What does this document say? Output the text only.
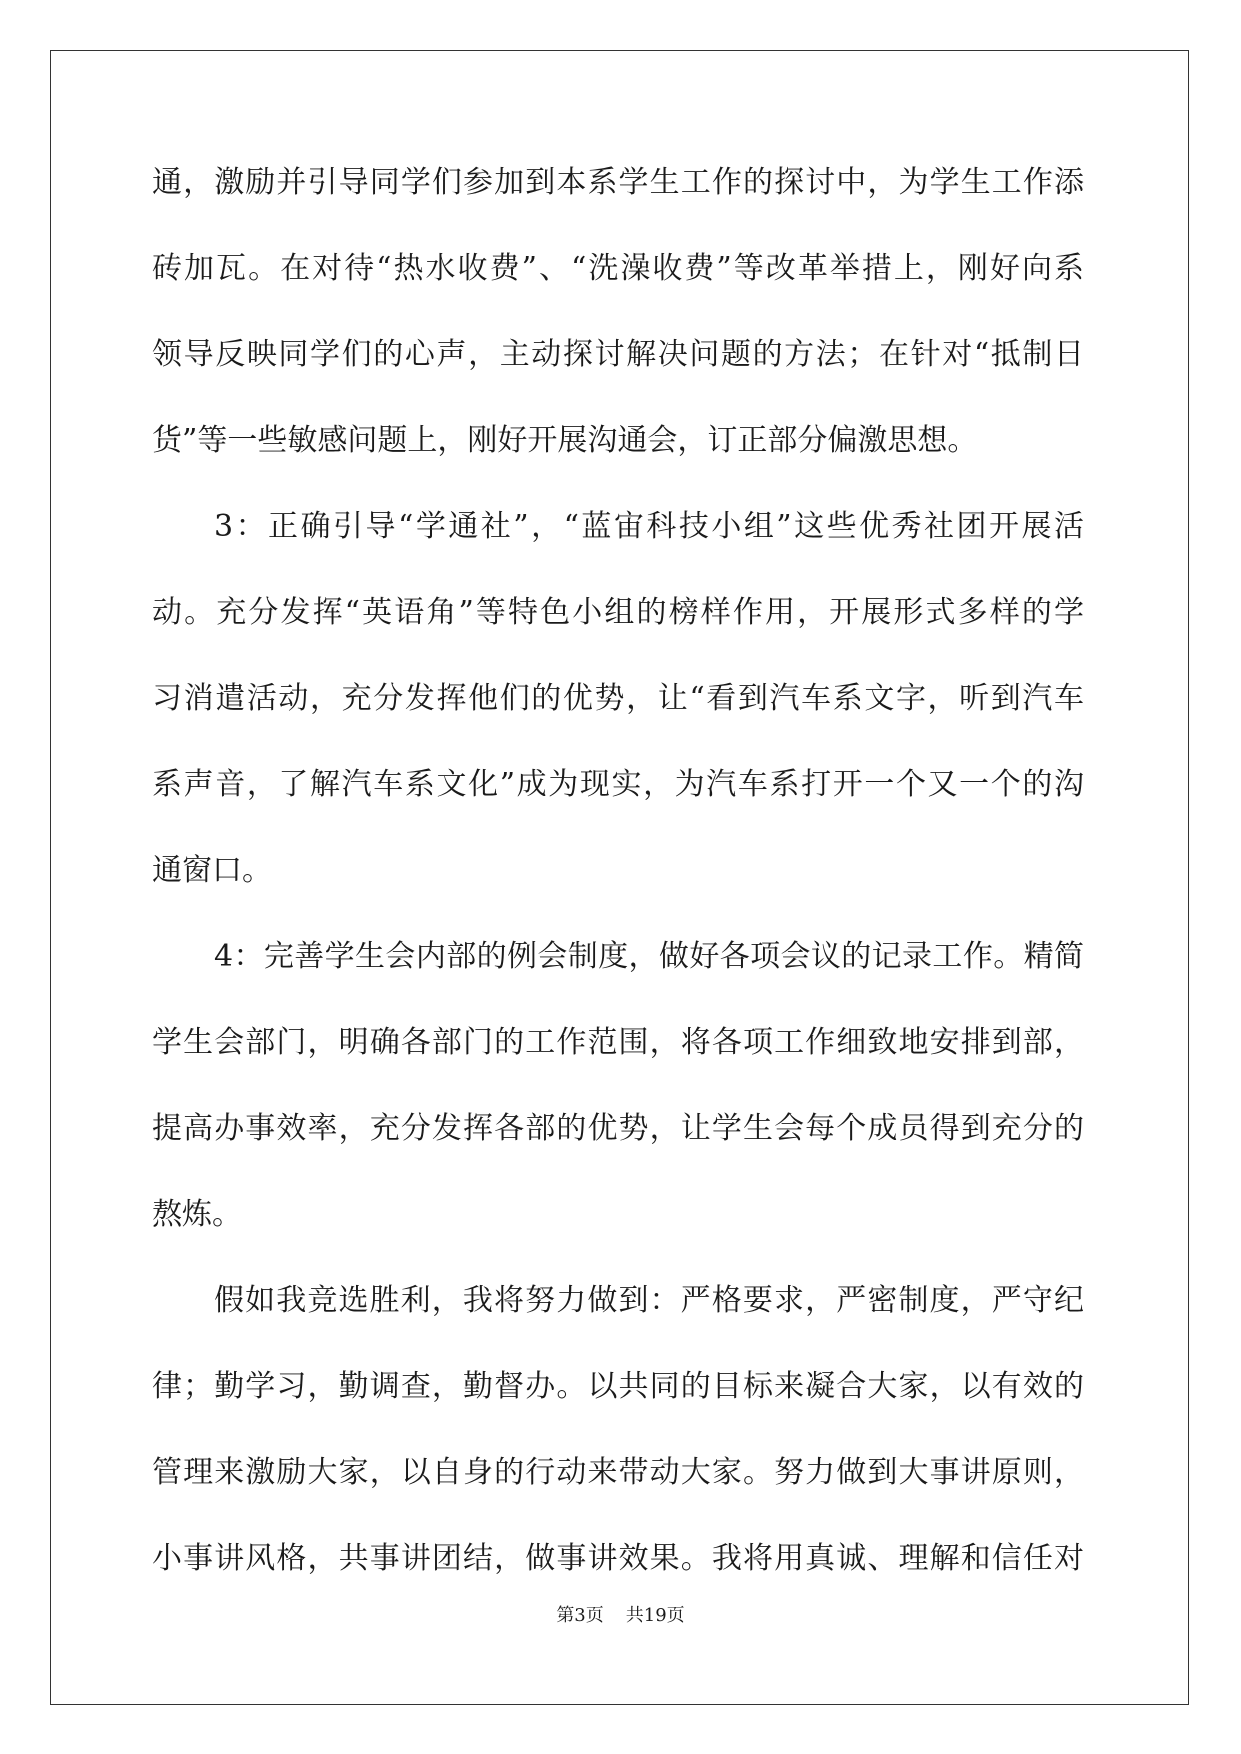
通，激励并引导同学们参加到本系学生工作的探讨中，为学生工作添
砖加瓦。在对待“热水收费”、“洗澡收费”等改革举措上，刚好向系
领导反映同学们的心声，主动探讨解决问题的方法；在针对“抵制日
货”等一些敏感问题上，刚好开展沟通会，订正部分偏激思想。
3：正确引导“学通社”，“蓝宙科技小组”这些优秀社团开展活
动。充分发挥“英语角”等特色小组的榜样作用，开展形式多样的学
习消遣活动，充分发挥他们的优势，让“看到汽车系文字，听到汽车
系声音，了解汽车系文化”成为现实，为汽车系打开一个又一个的沟
通窗口。
4：完善学生会内部的例会制度，做好各项会议的记录工作。精简
学生会部门，明确各部门的工作范围，将各项工作细致地安排到部，
提高办事效率，充分发挥各部的优势，让学生会每个成员得到充分的
熬炼。
假如我竞选胜利，我将努力做到：严格要求，严密制度，严守纪
律；勤学习，勤调查，勤督办。以共同的目标来凝合大家，以有效的
管理来激励大家，以自身的行动来带动大家。努力做到大事讲原则，
小事讲风格，共事讲团结，做事讲效果。我将用真诚、理解和信任对
第3页 共19页
